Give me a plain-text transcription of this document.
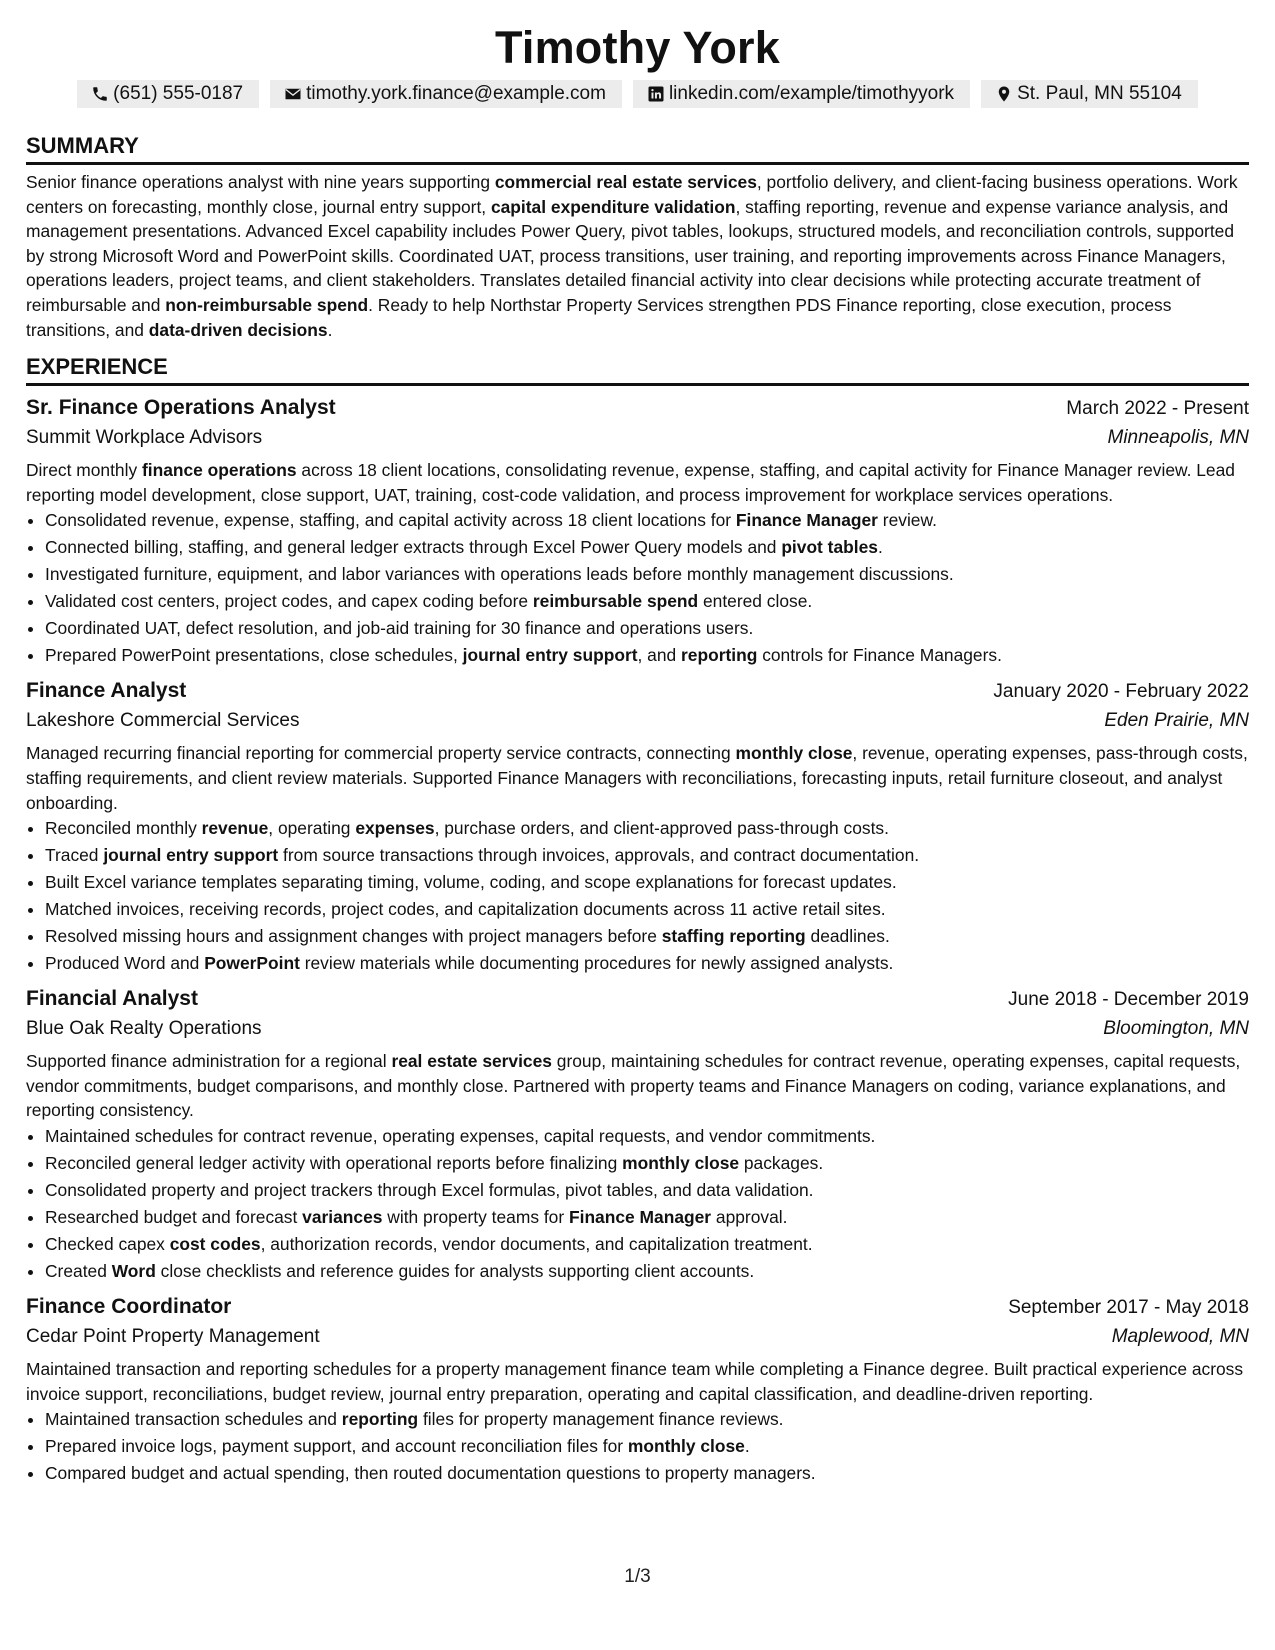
Timothy York
(651) 555-0187	timothy.york.finance@example.com	linkedin.com/example/timothyyork	St. Paul, MN 55104
SUMMARY

Senior finance operations analyst with nine years supporting commercial real estate services, portfolio delivery, and client-facing business operations. Work centers on forecasting, monthly close, journal entry support, capital expenditure validation, staffing reporting, revenue and expense variance analysis, and management presentations. Advanced Excel capability includes Power Query, pivot tables, lookups, structured models, and reconciliation controls, supported by strong Microsoft Word and PowerPoint skills. Coordinated UAT, process transitions, user training, and reporting improvements across Finance Managers, operations leaders, project teams, and client stakeholders. Translates detailed financial activity into clear decisions while protecting accurate treatment of reimbursable and non-reimbursable spend. Ready to help Northstar Property Services strengthen PDS Finance reporting, close execution, process transitions, and data-driven decisions.

EXPERIENCE
Sr. Finance Operations Analyst	March 2022 - Present
Summit Workplace Advisors	Minneapolis, MN

Direct monthly finance operations across 18 client locations, consolidating revenue, expense, staffing, and capital activity for Finance Manager review. Lead reporting model development, close support, UAT, training, cost-code validation, and process improvement for workplace services operations.

• Consolidated revenue, expense, staffing, and capital activity across 18 client locations for Finance Manager review.
• Connected billing, staffing, and general ledger extracts through Excel Power Query models and pivot tables.
• Investigated furniture, equipment, and labor variances with operations leads before monthly management discussions.
• Validated cost centers, project codes, and capex coding before reimbursable spend entered close.
• Coordinated UAT, defect resolution, and job-aid training for 30 finance and operations users.
• Prepared PowerPoint presentations, close schedules, journal entry support, and reporting controls for Finance Managers.
Finance Analyst	January 2020 - February 2022
Lakeshore Commercial Services	Eden Prairie, MN

Managed recurring financial reporting for commercial property service contracts, connecting monthly close, revenue, operating expenses, pass-through costs, staffing requirements, and client review materials. Supported Finance Managers with reconciliations, forecasting inputs, retail furniture closeout, and analyst onboarding.

• Reconciled monthly revenue, operating expenses, purchase orders, and client-approved pass-through costs.
• Traced journal entry support from source transactions through invoices, approvals, and contract documentation.
• Built Excel variance templates separating timing, volume, coding, and scope explanations for forecast updates.
• Matched invoices, receiving records, project codes, and capitalization documents across 11 active retail sites.
• Resolved missing hours and assignment changes with project managers before staffing reporting deadlines.
• Produced Word and PowerPoint review materials while documenting procedures for newly assigned analysts.
Financial Analyst	June 2018 - December 2019
Blue Oak Realty Operations	Bloomington, MN

Supported finance administration for a regional real estate services group, maintaining schedules for contract revenue, operating expenses, capital requests, vendor commitments, budget comparisons, and monthly close. Partnered with property teams and Finance Managers on coding, variance explanations, and reporting consistency.

• Maintained schedules for contract revenue, operating expenses, capital requests, and vendor commitments.
• Reconciled general ledger activity with operational reports before finalizing monthly close packages.
• Consolidated property and project trackers through Excel formulas, pivot tables, and data validation.
• Researched budget and forecast variances with property teams for Finance Manager approval.
• Checked capex cost codes, authorization records, vendor documents, and capitalization treatment.
• Created Word close checklists and reference guides for analysts supporting client accounts.
Finance Coordinator	September 2017 - May 2018
Cedar Point Property Management	Maplewood, MN

Maintained transaction and reporting schedules for a property management finance team while completing a Finance degree. Built practical experience across invoice support, reconciliations, budget review, journal entry preparation, operating and capital classification, and deadline-driven reporting.

• Maintained transaction schedules and reporting files for property management finance reviews.
• Prepared invoice logs, payment support, and account reconciliation files for monthly close.
• Compared budget and actual spending, then routed documentation questions to property managers.
1/3
